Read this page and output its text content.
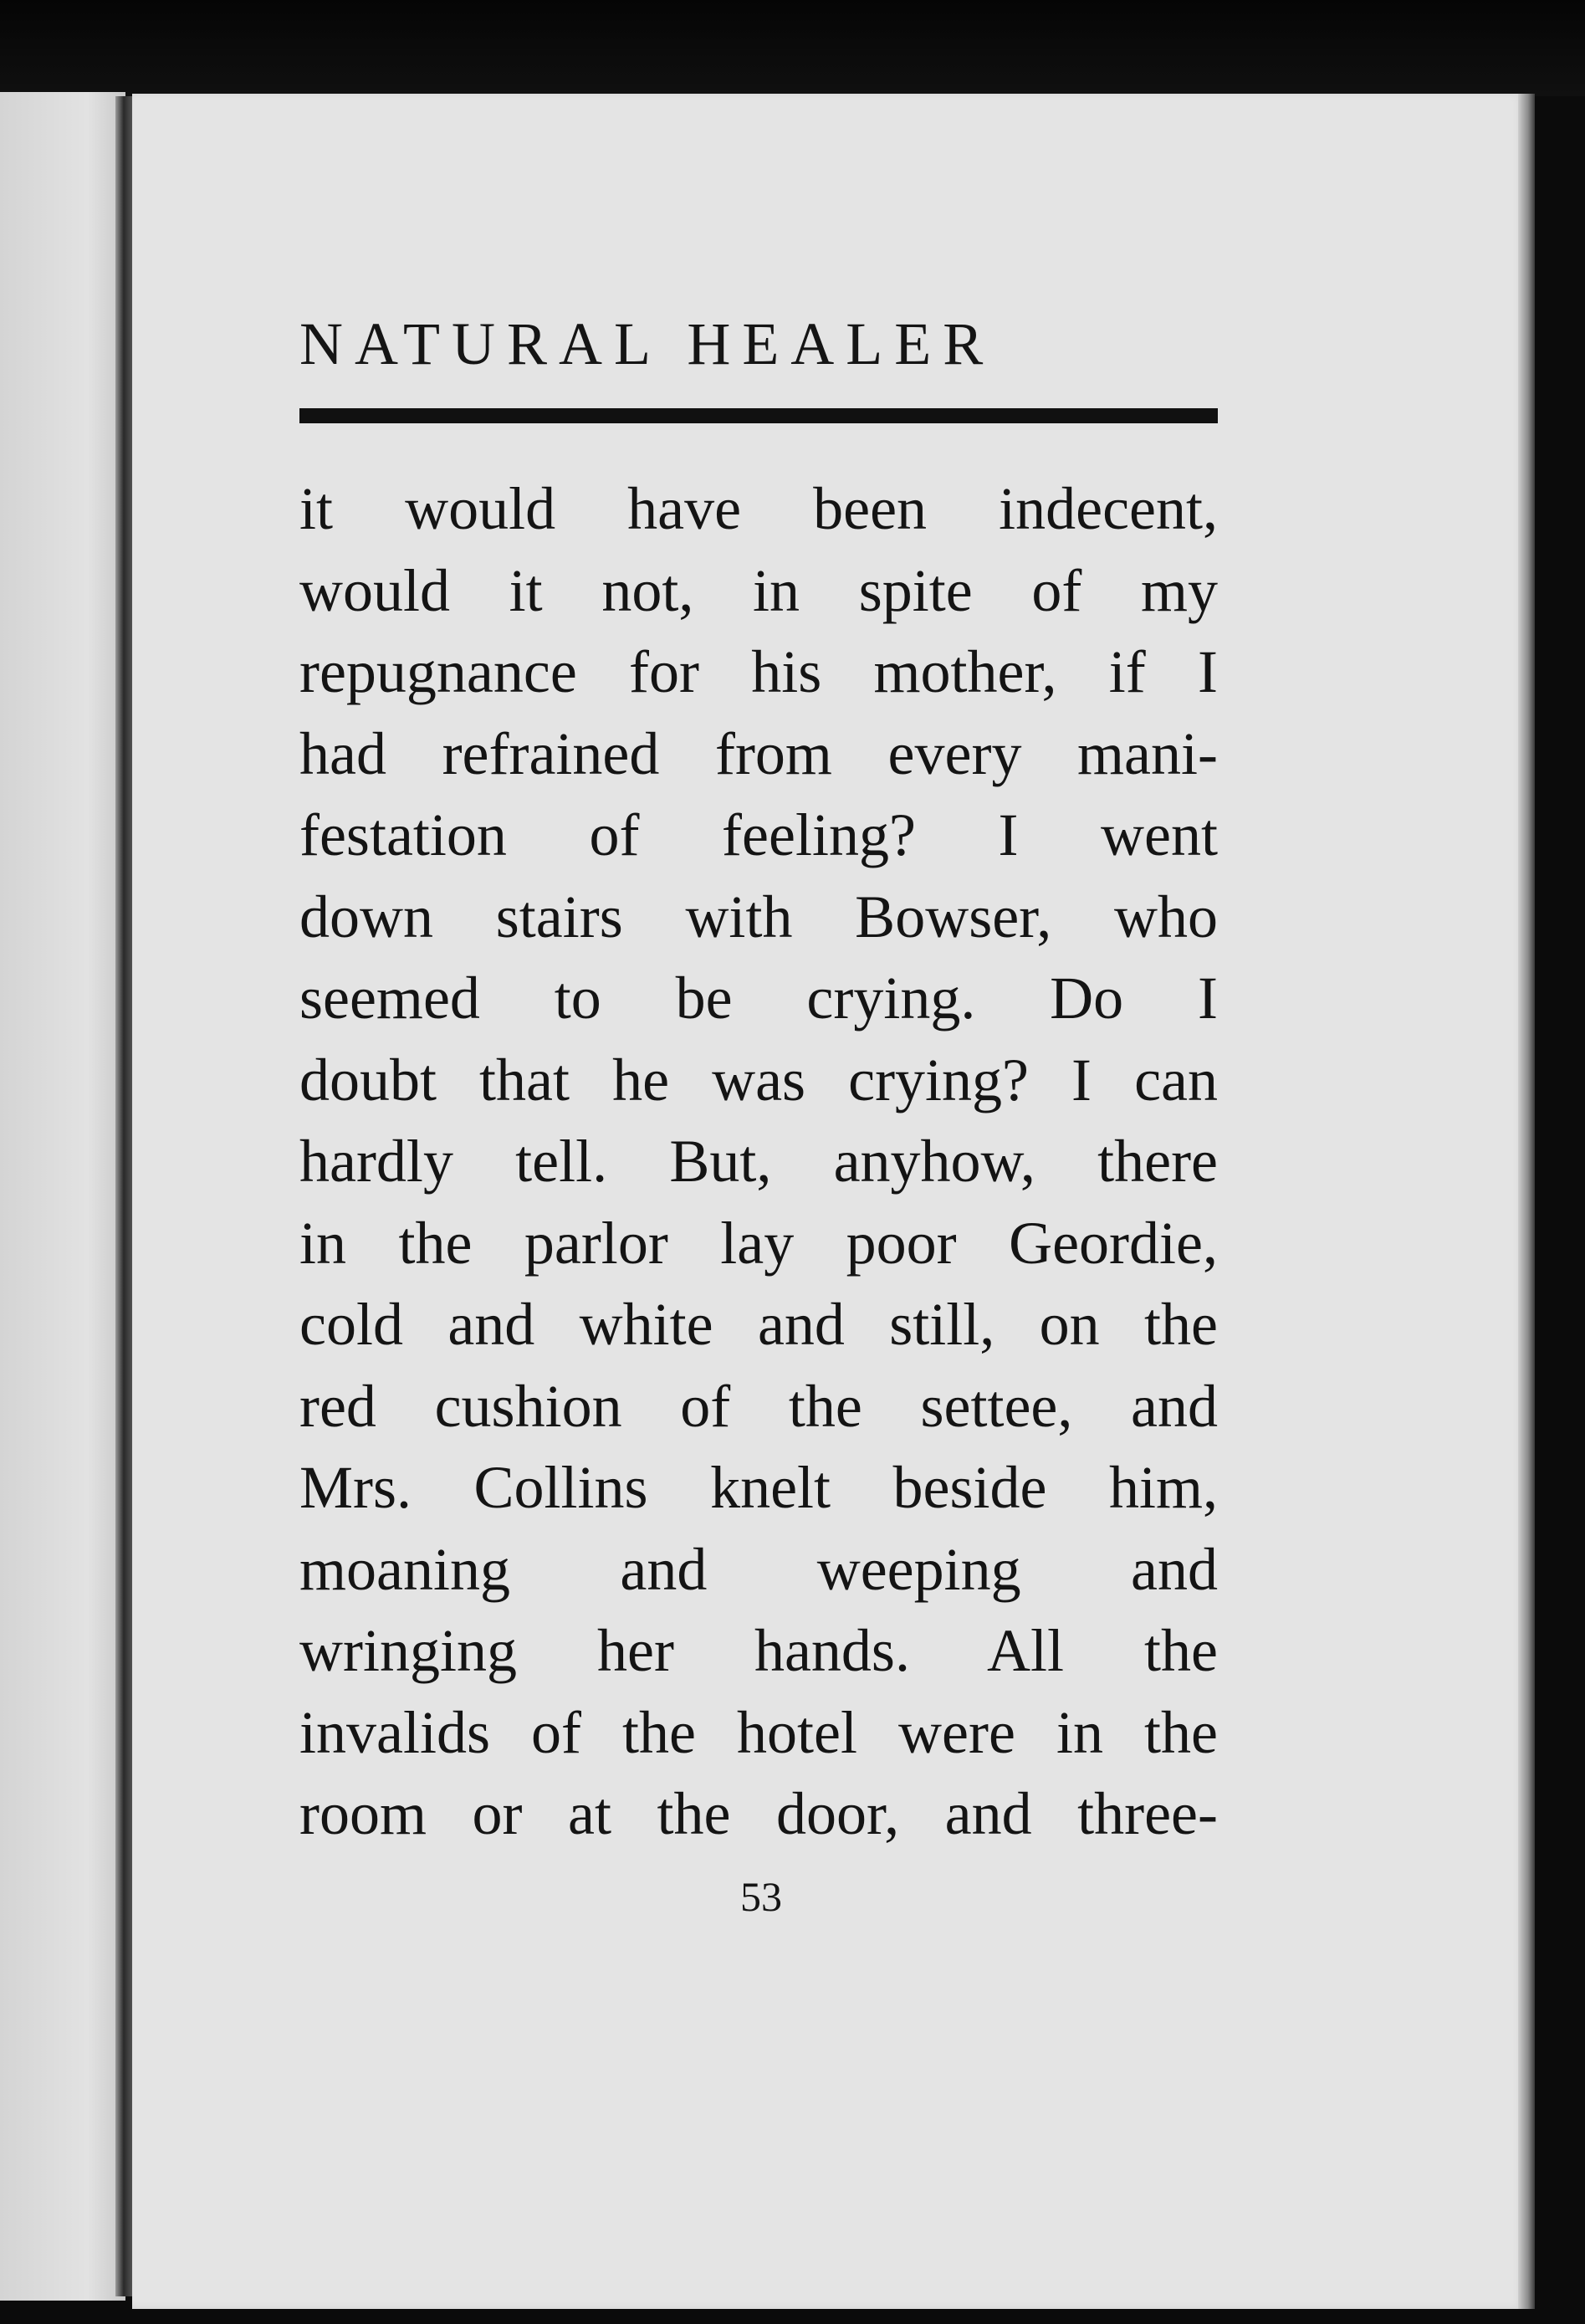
NATURAL HEALER
it would have been indecent,
would it not, in spite of my
repugnance for his mother, if I
had refrained from every mani-
festation of feeling? I went
down stairs with Bowser, who
seemed to be crying. Do I
doubt that he was crying? I can
hardly tell. But, anyhow, there
in the parlor lay poor Geordie,
cold and white and still, on the
red cushion of the settee, and
Mrs. Collins knelt beside him,
moaning and weeping and
wringing her hands. All the
invalids of the hotel were in the
room or at the door, and three-
53
